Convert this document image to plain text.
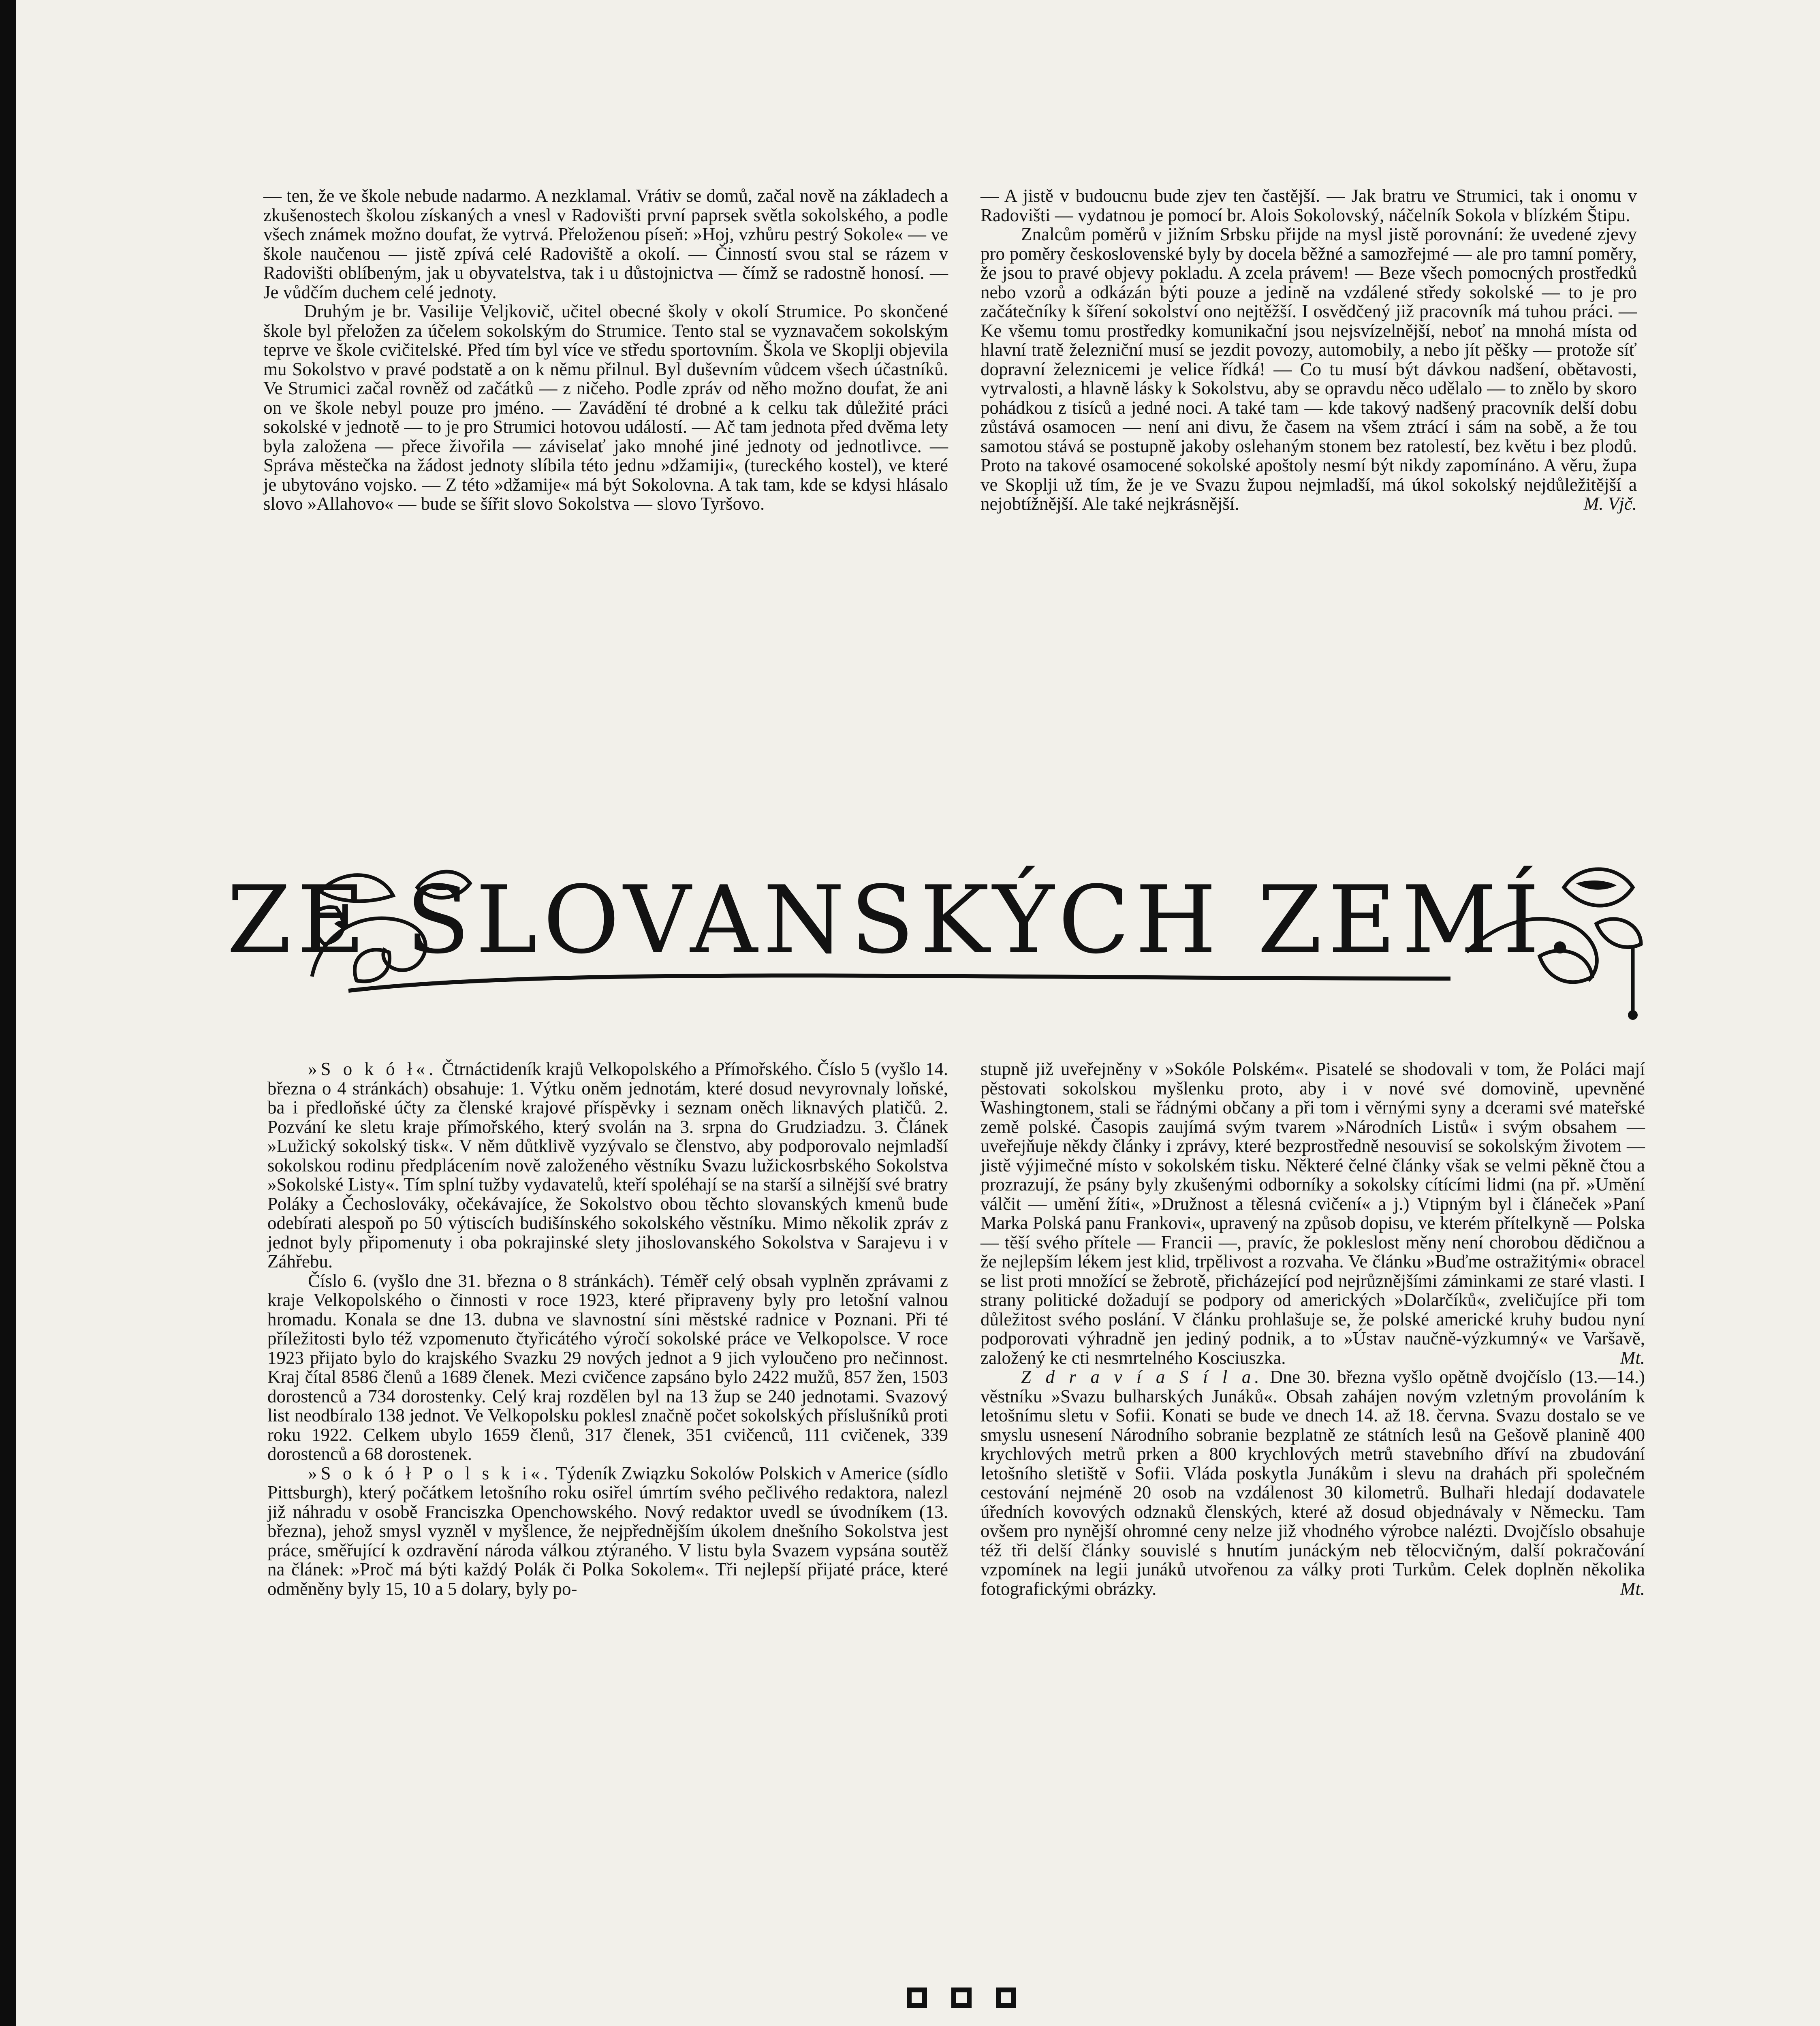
— ten, že ve škole nebude nadarmo. A nezklamal. Vrátiv se domů, začal nově na základech a zkušenostech školou získaných a vnesl v Radovišti první paprsek světla sokolského, a podle všech známek možno doufat, že vytrvá. Přeloženou píseň: »Hoj, vzhůru pestrý Sokole« — ve škole naučenou — jistě zpívá celé Radoviště a okolí. — Činností svou stal se rázem v Radovišti oblíbeným, jak u obyvatelstva, tak i u důstojnictva — čímž se radostně honosí. — Je vůdčím duchem celé jednoty.

Druhým je br. Vasilije Veljkovič, učitel obecné školy v okolí Strumice. Po skončené škole byl přeložen za účelem sokolským do Strumice. Tento stal se vyznavačem sokolským teprve ve škole cvičitelské. Před tím byl více ve středu sportovním. Škola ve Skoplji objevila mu Sokolstvo v pravé podstatě a on k němu přilnul. Byl duševním vůdcem všech účastníků. Ve Strumici začal rovněž od začátků — z ničeho. Podle zpráv od něho možno doufat, že ani on ve škole nebyl pouze pro jméno. — Zavádění té drobné a k celku tak důležité práci sokolské v jednotě — to je pro Strumici hotovou událostí. — Ač tam jednota před dvěma lety byla založena — přece živořila — záviselať jako mnohé jiné jednoty od jednotlivce. — Správa městečka na žádost jednoty slíbila této jednu »džamiji«, (tureckého kostel), ve které je ubytováno vojsko. — Z této »džamije« má být Sokolovna. A tak tam, kde se kdysi hlásalo slovo »Allahovo« — bude se šířit slovo Sokolstva — slovo Tyršovo.

— A jistě v budoucnu bude zjev ten častější. — Jak bratru ve Strumici, tak i onomu v Radovišti — vydatnou je pomocí br. Alois Sokolovský, náčelník Sokola v blízkém Štipu.

Znalcům poměrů v jižním Srbsku přijde na mysl jistě porovnání: že uvedené zjevy pro poměry československé byly by docela běžné a samozřejmé — ale pro tamní poměry, že jsou to pravé objevy pokladu. A zcela právem! — Beze všech pomocných prostředků nebo vzorů a odkázán býti pouze a jedině na vzdálené středy sokolské — to je pro začátečníky k šíření sokolství ono nejtěžší. I osvědčený již pracovník má tuhou práci. — Ke všemu tomu prostředky komunikační jsou nejsvízelnější, neboť na mnohá místa od hlavní tratě železniční musí se jezdit povozy, automobily, a nebo jít pěšky — protože síť dopravní železnicemi je velice řídká! — Co tu musí být dávkou nadšení, obětavosti, vytrvalosti, a hlavně lásky k Sokolstvu, aby se opravdu něco udělalo — to znělo by skoro pohádkou z tisíců a jedné noci. A také tam — kde takový nadšený pracovník delší dobu zůstává osamocen — není ani divu, že časem na všem ztrácí i sám na sobě, a že tou samotou stává se postupně jakoby oslehaným stonem bez ratolestí, bez květu i bez plodů. Proto na takové osamocené sokolské apoštoly nesmí být nikdy zapomínáno. A věru, župa ve Skoplji už tím, že je ve Svazu župou nejmladší, má úkol sokolský nejdůležitější a nejobtížnější. Ale také nejkrásnější.	M. Vjč.

ZE SLOVANSKÝCH ZEMÍ.

»S o k ó ł«. Čtrnáctideník krajů Velkopolského a Přímořského. Číslo 5 (vyšlo 14. března o 4 stránkách) obsahuje: 1. Výtku oněm jednotám, které dosud nevyrovnaly loňské, ba i předloňské účty za členské krajové příspěvky i seznam oněch liknavých platičů. 2. Pozvání ke sletu kraje přímořského, který svolán na 3. srpna do Grudziadzu. 3. Článek »Lužický sokolský tisk«. V něm důtklivě vyzývalo se členstvo, aby podporovalo nejmladší sokolskou rodinu předplácením nově založeného věstníku Svazu lužickosrbského Sokolstva »Sokolské Listy«. Tím splní tužby vydavatelů, kteří spoléhají se na starší a silnější své bratry Poláky a Čechoslováky, očekávajíce, že Sokolstvo obou těchto slovanských kmenů bude odebírati alespoň po 50 výtiscích budišínského sokolského věstníku. Mimo několik zpráv z jednot byly připomenuty i oba pokrajinské slety jihoslovanského Sokolstva v Sarajevu i v Záhřebu.

Číslo 6. (vyšlo dne 31. března o 8 stránkách). Téměř celý obsah vyplněn zprávami z kraje Velkopolského o činnosti v roce 1923, které připraveny byly pro letošní valnou hromadu. Konala se dne 13. dubna ve slavnostní síni městské radnice v Poznani. Při té příležitosti bylo též vzpomenuto čtyřicátého výročí sokolské práce ve Velkopolsce. V roce 1923 přijato bylo do krajského Svazku 29 nových jednot a 9 jich vyloučeno pro nečinnost. Kraj čítal 8586 členů a 1689 členek. Mezi cvičence zapsáno bylo 2422 mužů, 857 žen, 1503 dorostenců a 734 dorostenky. Celý kraj rozdělen byl na 13 žup se 240 jednotami. Svazový list neodbíralo 138 jednot. Ve Velkopolsku poklesl značně počet sokolských příslušníků proti roku 1922. Celkem ubylo 1659 členů, 317 členek, 351 cvičenců, 111 cvičenek, 339 dorostenců a 68 dorostenek.

»S o k ó ł P o l s k i«. Týdeník Związku Sokolów Polskich v Americe (sídlo Pittsburgh), který počátkem letošního roku osiřel úmrtím svého pečlivého redaktora, nalezl již náhradu v osobě Franciszka Openchowského. Nový redaktor uvedl se úvodníkem (13. března), jehož smysl vyzněl v myšlence, že nejpřednějším úkolem dnešního Sokolstva jest práce, směřující k ozdravění národa válkou ztýraného. V listu byla Svazem vypsána soutěž na článek: »Proč má býti každý Polák či Polka Sokolem«. Tři nejlepší přijaté práce, které odměněny byly 15, 10 a 5 dolary, byly po-

stupně již uveřejněny v »Sokóle Polském«. Pisatelé se shodovali v tom, že Poláci mají pěstovati sokolskou myšlenku proto, aby i v nové své domovině, upevněné Washingtonem, stali se řádnými občany a při tom i věrnými syny a dcerami své mateřské země polské. Časopis zaujímá svým tvarem »Národních Listů« i svým obsahem — uveřejňuje někdy články i zprávy, které bezprostředně nesouvisí se sokolským životem — jistě výjimečné místo v sokolském tisku. Některé čelné články však se velmi pěkně čtou a prozrazují, že psány byly zkušenými odborníky a sokolsky cítícími lidmi (na př. »Umění válčit — umění žíti«, »Družnost a tělesná cvičení« a j.) Vtipným byl i článeček »Paní Marka Polská panu Frankovi«, upravený na způsob dopisu, ve kterém přítelkyně — Polska — těší svého přítele — Francii —, pravíc, že pokleslost měny není chorobou dědičnou a že nejlepším lékem jest klid, trpělivost a rozvaha. Ve článku »Buďme ostražitými« obracel se list proti množící se žebrotě, přicházející pod nejrůznějšími záminkami ze staré vlasti. I strany politické dožadují se podpory od amerických »Dolarčíků«, zveličujíce při tom důležitost svého poslání. V článku prohlašuje se, že polské americké kruhy budou nyní podporovati výhradně jen jediný podnik, a to »Ústav naučně-výzkumný« ve Varšavě, založený ke cti nesmrtelného Kosciuszka.	Mt.

Z d r a v í a S í l a. Dne 30. března vyšlo opětně dvojčíslo (13.—14.) věstníku »Svazu bulharských Junáků«. Obsah zahájen novým vzletným provoláním k letošnímu sletu v Sofii. Konati se bude ve dnech 14. až 18. června. Svazu dostalo se ve smyslu usnesení Národního sobranie bezplatně ze státních lesů na Gešově planině 400 krychlových metrů prken a 800 krychlových metrů stavebního dříví na zbudování letošního sletiště v Sofii. Vláda poskytla Junákům i slevu na drahách při společném cestování nejméně 20 osob na vzdálenost 30 kilometrů. Bulhaři hledají dodavatele úředních kovových odznaků členských, které až dosud objednávaly v Německu. Tam ovšem pro nynější ohromné ceny nelze již vhodného výrobce nalézti. Dvojčíslo obsahuje též tři delší články souvislé s hnutím junáckým neb tělocvičným, další pokračování vzpomínek na legii junáků utvořenou za války proti Turkům. Celek doplněn několika fotografickými obrázky.	Mt.
